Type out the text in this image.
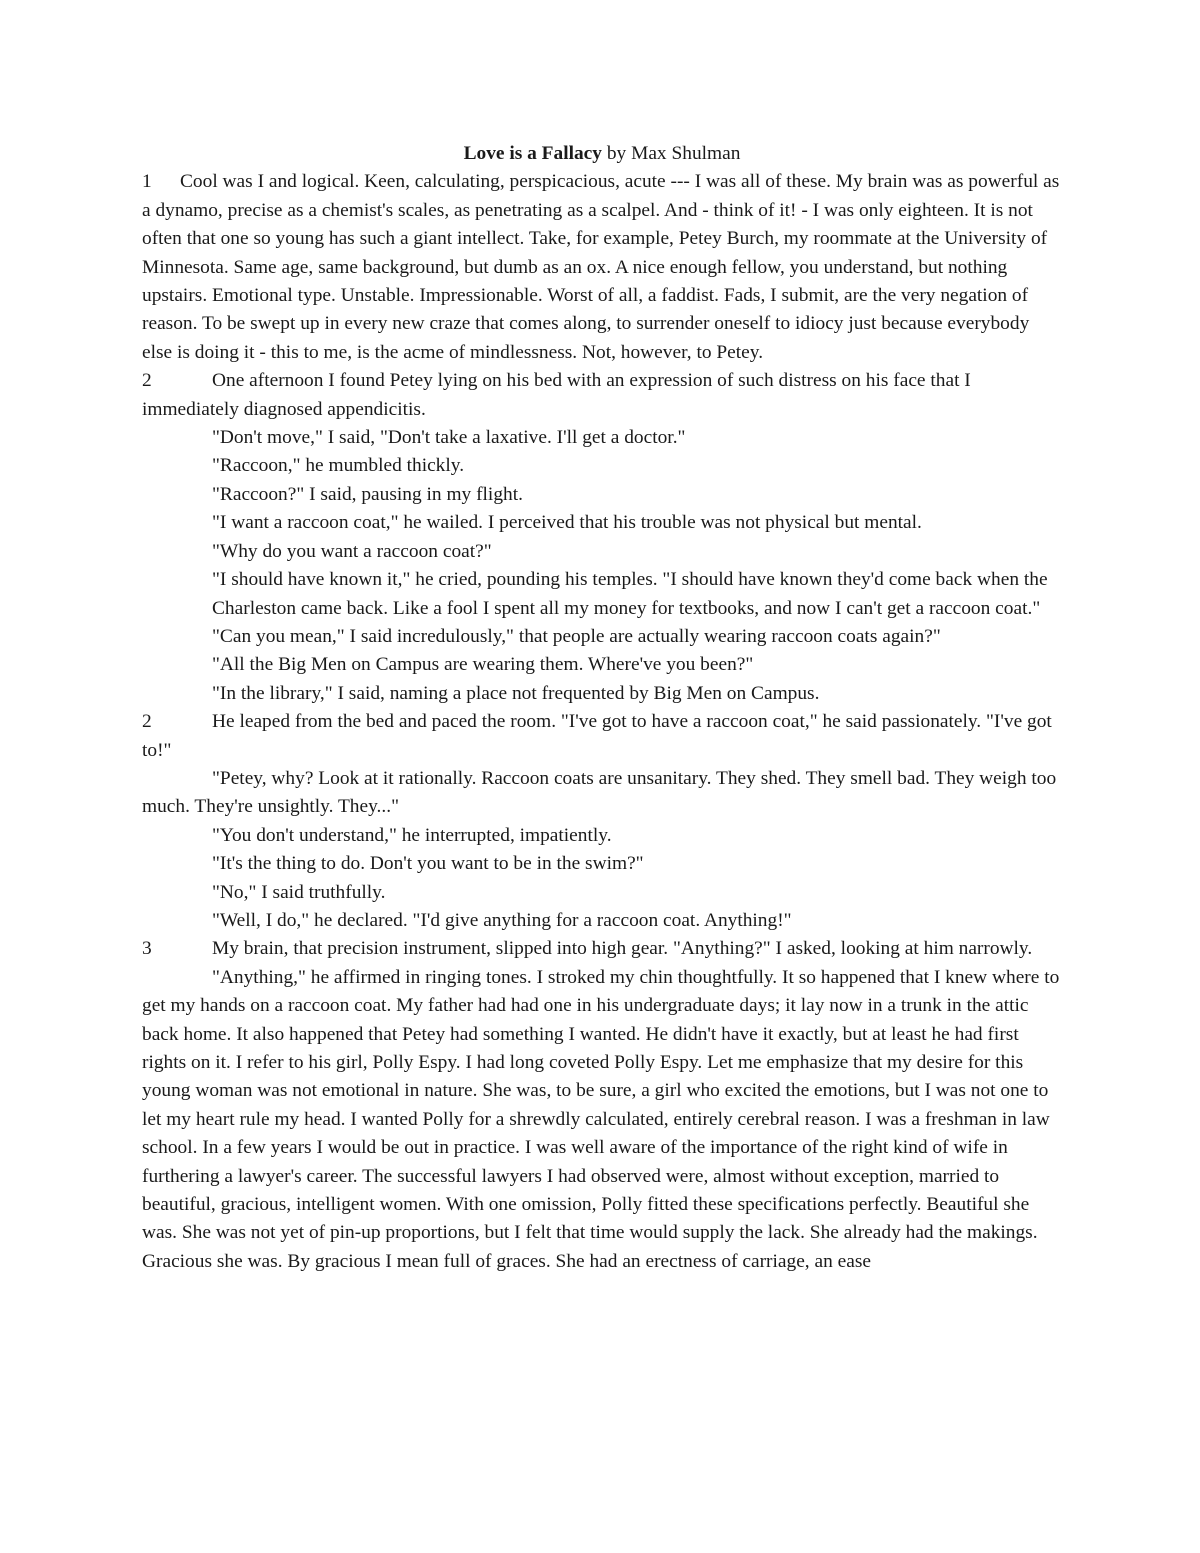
Love is a Fallacy by Max Shulman

1 Cool was I and logical. Keen, calculating, perspicacious, acute --- I was all of these. My brain was as powerful as a dynamo, precise as a chemist's scales, as penetrating as a scalpel. And - think of it! - I was only eighteen. It is not often that one so young has such a giant intellect. Take, for example, Petey Burch, my roommate at the University of Minnesota. Same age, same background, but dumb as an ox. A nice enough fellow, you understand, but nothing upstairs. Emotional type. Unstable. Impressionable. Worst of all, a faddist. Fads, I submit, are the very negation of reason. To be swept up in every new craze that comes along, to surrender oneself to idiocy just because everybody else is doing it - this to me, is the acme of mindlessness. Not, however, to Petey.

2	One afternoon I found Petey lying on his bed with an expression of such distress on his face that I immediately diagnosed appendicitis.

"Don't move," I said, "Don't take a laxative. I'll get a doctor."

"Raccoon," he mumbled thickly.

"Raccoon?" I said, pausing in my flight.

"I want a raccoon coat," he wailed. I perceived that his trouble was not physical but mental.

"Why do you want a raccoon coat?"

"I should have known it," he cried, pounding his temples. "I should have known they'd come back when the Charleston came back. Like a fool I spent all my money for textbooks, and now I can't get a raccoon coat."

"Can you mean," I said incredulously," that people are actually wearing raccoon coats again?"

"All the Big Men on Campus are wearing them. Where've you been?"

"In the library," I said, naming a place not frequented by Big Men on Campus.

2	He leaped from the bed and paced the room. "I've got to have a raccoon coat," he said passionately. "I've got to!"

"Petey, why? Look at it rationally. Raccoon coats are unsanitary. They shed. They smell bad. They weigh too much. They're unsightly. They..."

"You don't understand," he interrupted, impatiently.

"It's the thing to do. Don't you want to be in the swim?"

"No," I said truthfully.

"Well, I do," he declared. "I'd give anything for a raccoon coat. Anything!"

3	My brain, that precision instrument, slipped into high gear. "Anything?" I asked, looking at him narrowly.

"Anything," he affirmed in ringing tones. I stroked my chin thoughtfully. It so happened that I knew where to get my hands on a raccoon coat. My father had had one in his undergraduate days; it lay now in a trunk in the attic back home. It also happened that Petey had something I wanted. He didn't have it exactly, but at least he had first rights on it. I refer to his girl, Polly Espy. I had long coveted Polly Espy. Let me emphasize that my desire for this young woman was not emotional in nature. She was, to be sure, a girl who excited the emotions, but I was not one to let my heart rule my head. I wanted Polly for a shrewdly calculated, entirely cerebral reason. I was a freshman in law school. In a few years I would be out in practice. I was well aware of the importance of the right kind of wife in furthering a lawyer's career. The successful lawyers I had observed were, almost without exception, married to beautiful, gracious, intelligent women. With one omission, Polly fitted these specifications perfectly. Beautiful she was. She was not yet of pin-up proportions, but I felt that time would supply the lack. She already had the makings. Gracious she was. By gracious I mean full of graces. She had an erectness of carriage, an ease
